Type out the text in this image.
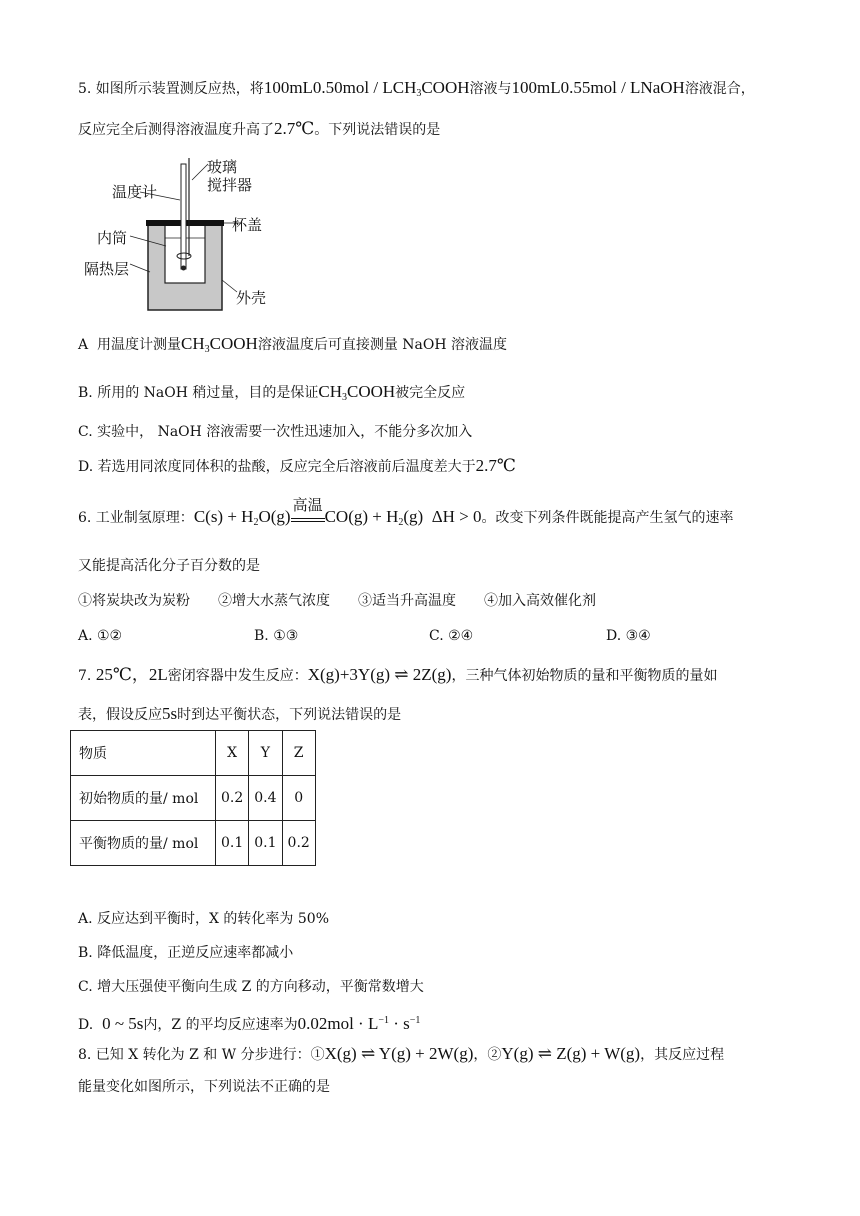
5. 如图所示装置测反应热，将$100mL0.50mol / LCH_3COOH$溶液与100mL0.55mol / LNaOH溶液混合，
反应完全后测得溶液温度升高了2.7℃。下列说法错误的是
玻璃
搅拌器
温度计
杯盖
内筒
隔热层
外壳
A 用温度计测量$CH_3COOH$溶液温度后可直接测量 NaOH 溶液温度
B. 所用的 NaOH 稍过量，目的是保证$CH_3COOH$被完全反应
C. 实验中， NaOH 溶液需要一次性迅速加入，不能分多次加入
D. 若选用同浓度同体积的盐酸，反应完全后溶液前后温度差大于2.7℃
6. 工业制氢原理：$C(s) + H_2O(g)$
高温
$CO(g) + H_2(g) \Delta H > 0$。改变下列条件既能提高产生氢气的速率
又能提高活化分子百分数的是
①将炭块改为炭粉　　②增大水蒸气浓度　　③适当升高温度　　④加入高效催化剂
A. ①②	B. ①③	C. ②④	D. ③④
7. 25℃，2L密闭容器中发生反应：X(g)+3Y(g) ⇌ 2Z(g)，三种气体初始物质的量和平衡物质的量如
表，假设反应5s时到达平衡状态，下列说法错误的是
物质	X	Y	Z
初始物质的量/ mol	0.2	0.4	0
平衡物质的量/ mol	0.1	0.1	0.2
A. 反应达到平衡时，X 的转化率为 50%
B. 降低温度，正逆反应速率都减小
C. 增大压强使平衡向生成 Z 的方向移动，平衡常数增大
D. 0 ~ 5s内，Z 的平均反应速率为$0.02mol \cdot L^{-1} \cdot s^{-1}$
8. 已知 X 转化为 Z 和 W 分步进行：①X(g) ⇌ Y(g) + 2W(g)，②Y(g) ⇌ Z(g) + W(g)，其反应过程
能量变化如图所示，下列说法不正确的是
